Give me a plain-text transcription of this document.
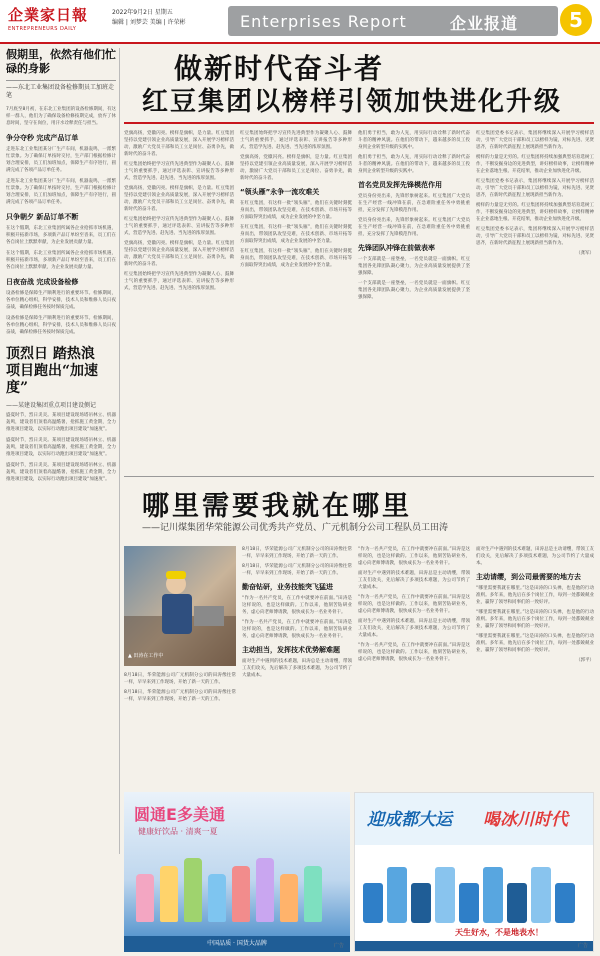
企業家日報
ENTREPRENEURS DAILY
2022年9月2日 星期五
编辑 | 刘梦芸 美编 | 许荣彬	Enterprises Report	企业报道	5
假期里，依然有他们忙碌的身影
——东北工业集团设备检修期员工加班走笔
7月底至8月初，在东北工业集团的设备检修期间，有这样一群人，他们为了确保设备检修按期完成，放弃了休息时间，坚守在岗位，用汗水诠释责任与担当。
争分夺秒 完成产品订单
走进东北工业集团某分厂生产车间，机器轰鸣，一派繁忙景象。为了确保订单按时交付，生产部门根据检修计划合理安排，员工们加班加点，保障生产有序进行，圆满完成了各项产品订单任务。
走进东北工业集团某分厂生产车间，机器轰鸣，一派繁忙景象。为了确保订单按时交付，生产部门根据检修计划合理安排，员工们加班加点，保障生产有序进行，圆满完成了各项产品订单任务。
只争朝夕 新品订单不断
在这个假期，东北工业集团所属各企业抢抓市场机遇，积极开拓新市场，多项新产品订单纷至沓来，员工们在各自岗位上默默奉献，为企业发展贡献力量。
在这个假期，东北工业集团所属各企业抢抓市场机遇，积极开拓新市场，多项新产品订单纷至沓来，员工们在各自岗位上默默奉献，为企业发展贡献力量。
日夜奋战 完成设备检修
设备检修是保障生产顺利进行的重要环节。检修期间，各单位精心组织，科学安排，技术人员和维修人员日夜奋战，确保检修任务按时保质完成。
设备检修是保障生产顺利进行的重要环节。检修期间，各单位精心组织，科学安排，技术人员和维修人员日夜奋战，确保检修任务按时保质完成。
顶烈日 踏热浪
项目跑出“加速度”
——某建设集团重点项目建设侧记
盛夏时节，烈日炎炎。某项目建设现场塔吊林立、机器轰鸣，建设者们顶着高温酷暑，抢抓施工黄金期，全力推进项目建设，以实际行动跑出项目建设“加速度”。
盛夏时节，烈日炎炎。某项目建设现场塔吊林立、机器轰鸣，建设者们顶着高温酷暑，抢抓施工黄金期，全力推进项目建设，以实际行动跑出项目建设“加速度”。
盛夏时节，烈日炎炎。某项目建设现场塔吊林立、机器轰鸣，建设者们顶着高温酷暑，抢抓施工黄金期，全力推进项目建设，以实际行动跑出项目建设“加速度”。
做新时代奋斗者
红豆集团以榜样引领加快进化升级
党旗高扬，党徽闪亮。榜样是旗帜，是力量。红豆集团坚持以党建引领企业高质量发展，深入开展学习榜样活动，激励广大党员干部和员工立足岗位、奋勇争先，做新时代的奋斗者。
红豆集团始终把学习宣传先进典型作为凝聚人心、鼓舞士气的重要抓手，通过评选表彰、宣讲报告等多种形式，营造学先进、赶先进、当先进的浓厚氛围。
党旗高扬，党徽闪亮。榜样是旗帜，是力量。红豆集团坚持以党建引领企业高质量发展，深入开展学习榜样活动，激励广大党员干部和员工立足岗位、奋勇争先，做新时代的奋斗者。
红豆集团始终把学习宣传先进典型作为凝聚人心、鼓舞士气的重要抓手，通过评选表彰、宣讲报告等多种形式，营造学先进、赶先进、当先进的浓厚氛围。
党旗高扬，党徽闪亮。榜样是旗帜，是力量。红豆集团坚持以党建引领企业高质量发展，深入开展学习榜样活动，激励广大党员干部和员工立足岗位、奋勇争先，做新时代的奋斗者。
红豆集团始终把学习宣传先进典型作为凝聚人心、鼓舞士气的重要抓手，通过评选表彰、宣讲报告等多种形式，营造学先进、赶先进、当先进的浓厚氛围。
红豆集团始终把学习宣传先进典型作为凝聚人心、鼓舞士气的重要抓手，通过评选表彰、宣讲报告等多种形式，营造学先进、赶先进、当先进的浓厚氛围。
党旗高扬，党徽闪亮。榜样是旗帜，是力量。红豆集团坚持以党建引领企业高质量发展，深入开展学习榜样活动，激励广大党员干部和员工立足岗位、奋勇争先，做新时代的奋斗者。
“领头雁”永争一流攻难关
在红豆集团，有这样一批“领头雁”，他们在关键时刻挺身而出，带领团队攻坚克难，在技术创新、市场开拓等方面取得突出成绩，成为企业发展的中坚力量。
在红豆集团，有这样一批“领头雁”，他们在关键时刻挺身而出，带领团队攻坚克难，在技术创新、市场开拓等方面取得突出成绩，成为企业发展的中坚力量。
在红豆集团，有这样一批“领头雁”，他们在关键时刻挺身而出，带领团队攻坚克难，在技术创新、市场开拓等方面取得突出成绩，成为企业发展的中坚力量。
他们勇于担当，敢为人先，用实际行动诠释了新时代奋斗者的精神风貌。在他们的带动下，越来越多的员工投身到企业转型升级的实践中。
他们勇于担当，敢为人先，用实际行动诠释了新时代奋斗者的精神风貌。在他们的带动下，越来越多的员工投身到企业转型升级的实践中。
首名党员发挥先锋模范作用
党员身份亮出来，先锋形象树起来。红豆集团广大党员在生产经营一线冲锋在前，在急难险重任务中勇挑重担，充分发挥了先锋模范作用。
党员身份亮出来，先锋形象树起来。红豆集团广大党员在生产经营一线冲锋在前，在急难险重任务中勇挑重担，充分发挥了先锋模范作用。
先锋团队冲锋在前做表率
一个支部就是一座堡垒，一名党员就是一面旗帜。红豆集团各先锋团队凝心聚力，为企业高质量发展提供了坚强保障。
一个支部就是一座堡垒，一名党员就是一面旗帜。红豆集团各先锋团队凝心聚力，为企业高质量发展提供了坚强保障。
红豆集团党委书记表示，集团将继续深入开展学习榜样活动，引导广大党员干部和员工以榜样为镜，对标先进、见贤思齐，在新时代新征程上展现新担当新作为。
榜样的力量是无穷的。红豆集团将持续加强典型培育选树工作，不断发掘身边的先进典型，讲好榜样故事，让榜样精神在企业落地生根、开花结果，推动企业加快进化升级。
红豆集团党委书记表示，集团将继续深入开展学习榜样活动，引导广大党员干部和员工以榜样为镜，对标先进、见贤思齐，在新时代新征程上展现新担当新作为。
榜样的力量是无穷的。红豆集团将持续加强典型培育选树工作，不断发掘身边的先进典型，讲好榜样故事，让榜样精神在企业落地生根、开花结果，推动企业加快进化升级。
红豆集团党委书记表示，集团将继续深入开展学习榜样活动，引导广大党员干部和员工以榜样为镜，对标先进、见贤思齐，在新时代新征程上展现新担当新作为。
（龚军）
哪里需要我就在哪里
——记川煤集团华荣能源公司优秀共产党员、广元机制分公司工程队员工田涛
▲ 田涛在工作中
8月18日，华荣能源公司广元机制分公司的田涛像往常一样，早早来到工作现场，开始了新一天的工作。
8月18日，华荣能源公司广元机制分公司的田涛像往常一样，早早来到工作现场，开始了新一天的工作。
8月18日，华荣能源公司广元机制分公司的田涛像往常一样，早早来到工作现场，开始了新一天的工作。
8月18日，华荣能源公司广元机制分公司的田涛像往常一样，早早来到工作现场，开始了新一天的工作。
勤奋钻研，业务技能突飞猛进
“作为一名共产党员，在工作中就要冲在前面。”田涛是这样说的，也是这样做的。工作以来，他刻苦钻研业务，虚心向老师傅请教，很快成长为一名业务骨干。
“作为一名共产党员，在工作中就要冲在前面。”田涛是这样说的，也是这样做的。工作以来，他刻苦钻研业务，虚心向老师傅请教，很快成长为一名业务骨干。
主动担当，发挥技术优势解难题
面对生产中遇到的技术难题，田涛总是主动请缨，带领工友们攻关，先后解决了多项技术难题，为公司节约了大量成本。
“作为一名共产党员，在工作中就要冲在前面。”田涛是这样说的，也是这样做的。工作以来，他刻苦钻研业务，虚心向老师傅请教，很快成长为一名业务骨干。
面对生产中遇到的技术难题，田涛总是主动请缨，带领工友们攻关，先后解决了多项技术难题，为公司节约了大量成本。
“作为一名共产党员，在工作中就要冲在前面。”田涛是这样说的，也是这样做的。工作以来，他刻苦钻研业务，虚心向老师傅请教，很快成长为一名业务骨干。
面对生产中遇到的技术难题，田涛总是主动请缨，带领工友们攻关，先后解决了多项技术难题，为公司节约了大量成本。
“作为一名共产党员，在工作中就要冲在前面。”田涛是这样说的，也是这样做的。工作以来，他刻苦钻研业务，虚心向老师傅请教，很快成长为一名业务骨干。
面对生产中遇到的技术难题，田涛总是主动请缨，带领工友们攻关，先后解决了多项技术难题，为公司节约了大量成本。
主动请缨，到公司最需要的地方去
“哪里需要我就在哪里。”这是田涛的口头禅，也是他的行动准则。多年来，他先后在多个岗位工作，每到一处都兢兢业业，赢得了领导和同事们的一致好评。
“哪里需要我就在哪里。”这是田涛的口头禅，也是他的行动准则。多年来，他先后在多个岗位工作，每到一处都兢兢业业，赢得了领导和同事们的一致好评。
“哪里需要我就在哪里。”这是田涛的口头禅，也是他的行动准则。多年来，他先后在多个岗位工作，每到一处都兢兢业业，赢得了领导和同事们的一致好评。
（郭平）
圆通E多美通
健康好饮品 · 清爽一夏
中国品质 · 国货大品牌
迎成都大运 喝冰川时代
天生好水，不是地表水！
广告	广告
